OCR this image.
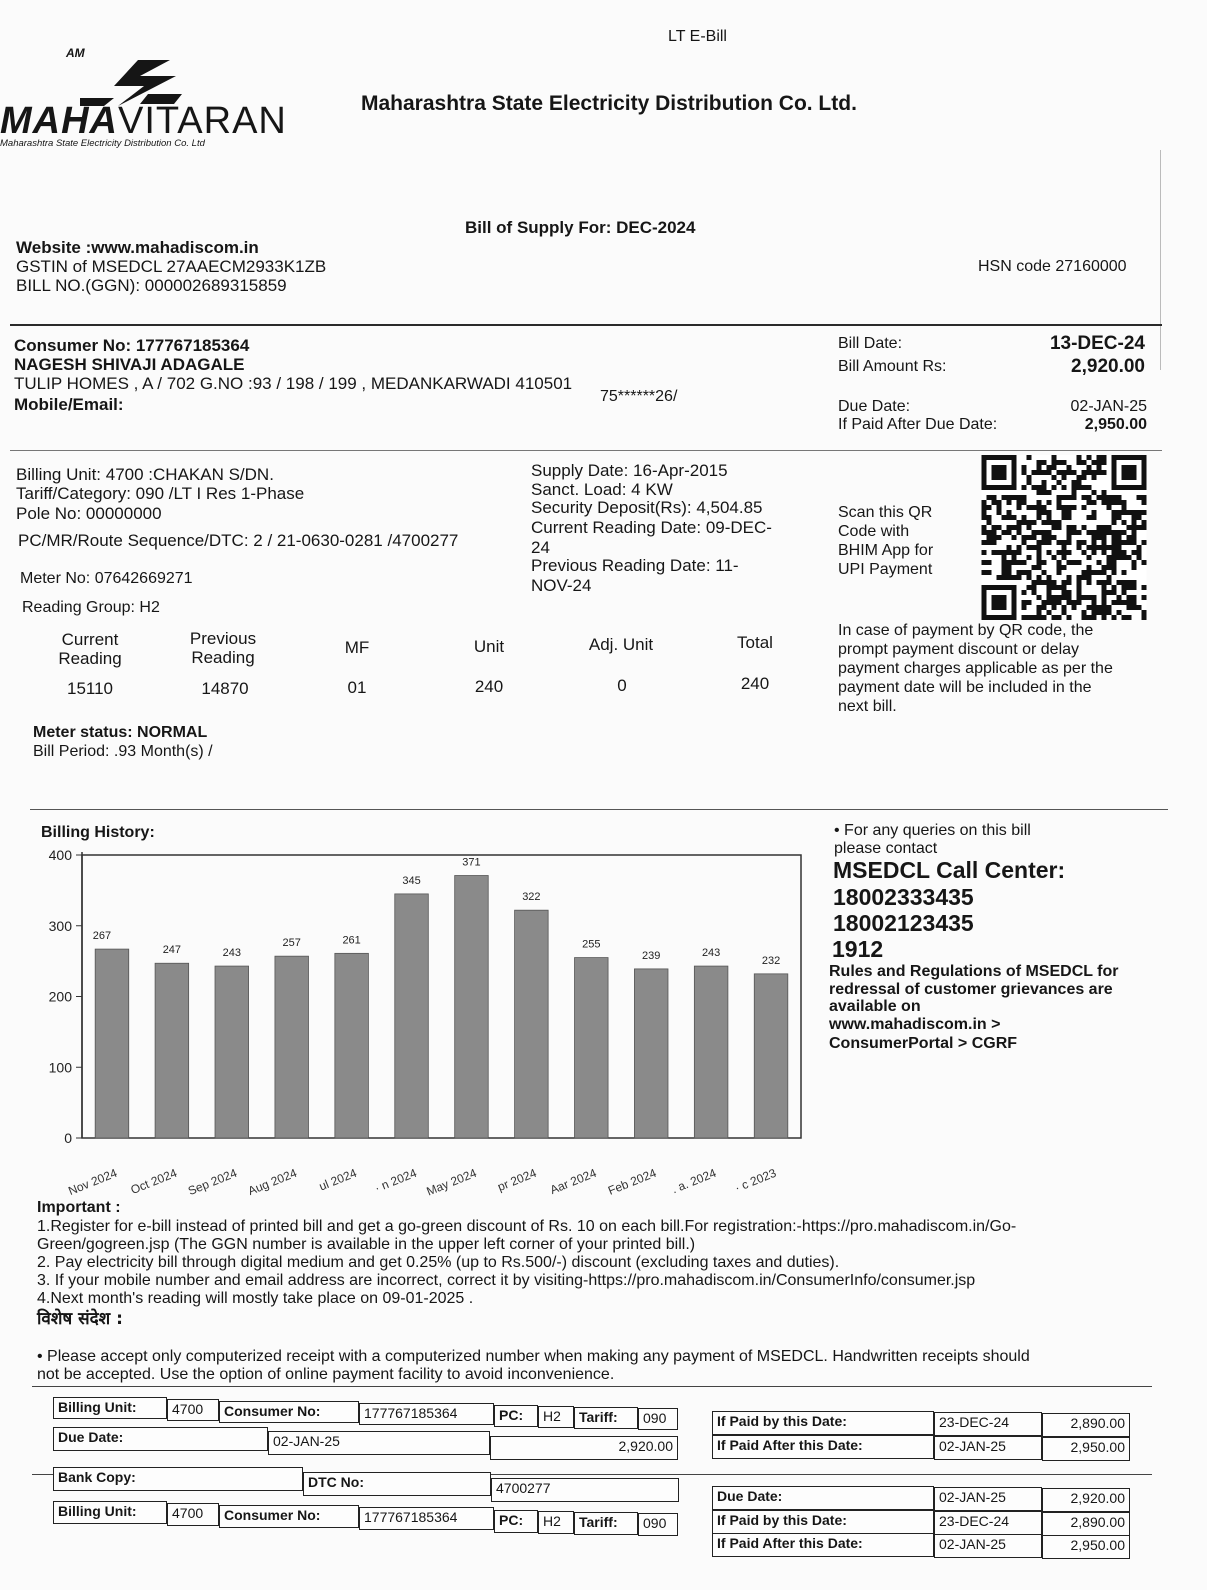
LT E-Bill
AM
MAHAVITARAN
Maharashtra State Electricity Distribution Co. Ltd
Maharashtra State Electricity Distribution Co. Ltd.
Bill of Supply For: DEC-2024
Website :www.mahadiscom.in
GSTIN of MSEDCL 27AAECM2933K1ZB
BILL NO.(GGN): 000002689315859
HSN code 27160000
Consumer No: 177767185364
NAGESH SHIVAJI ADAGALE
TULIP HOMES , A / 702 G.NO :93 / 198 / 199 , MEDANKARWADI 410501
Mobile/Email:	75******26/
Bill Date:	13-DEC-24
Bill Amount Rs:	2,920.00
Due Date:	02-JAN-25
If Paid After Due Date:	2,950.00
Billing Unit: 4700 :CHAKAN S/DN.
Tariff/Category: 090 /LT I Res 1-Phase
Pole No: 00000000
PC/MR/Route Sequence/DTC: 2 / 21-0630-0281 /4700277
Meter No: 07642669271
Reading Group: H2
Supply Date: 16-Apr-2015
Sanct. Load: 4 KW
Security Deposit(Rs): 4,504.85
Current Reading Date: 09-DEC-
24
Previous Reading Date: 11-
NOV-24
Scan this QR
Code with
BHIM App for
UPI Payment
In case of payment by QR code, the
prompt payment discount or delay
payment charges applicable as per the
payment date will be included in the
next bill.
Current
Reading
Previous
Reading
MF	Unit	Adj. Unit	Total
15110	14870	01	240	0	240
Meter status: NORMAL
Bill Period: .93 Month(s) /
Billing History:
0
100
200
300
400
267
Nov 2024
247
Oct 2024
243
Sep 2024
257
Aug 2024
261
ul 2024
345
· n 2024
371
May 2024
322
pr 2024
255
Aar 2024
239
Feb 2024
243
. a. 2024
232
· c 2023
• For any queries on this bill
please contact
MSEDCL Call Center:
18002333435
18002123435
1912
Rules and Regulations of MSEDCL for
redressal of customer grievances are
available on
www.mahadiscom.in >
ConsumerPortal > CGRF
Important :
1.Register for e-bill instead of printed bill and get a go-green discount of Rs. 10 on each bill.For registration:-https://pro.mahadiscom.in/Go-
Green/gogreen.jsp (The GGN number is available in the upper left corner of your printed bill.)
2. Pay electricity bill through digital medium and get 0.25% (up to Rs.500/-) discount (excluding taxes and duties).
3. If your mobile number and email address are incorrect, correct it by visiting-https://pro.mahadiscom.in/ConsumerInfo/consumer.jsp
4.Next month's reading will mostly take place on 09-01-2025 .
विशेष संदेश :
• Please accept only computerized receipt with a computerized number when making any payment of MSEDCL. Handwritten receipts should
not be accepted. Use the option of online payment facility to avoid inconvenience.
Billing Unit:	4700	Consumer No:	177767185364	PC:	H2	Tariff:	090
Due Date:	02-JAN-25	2,920.00
If Paid by this Date:	23-DEC-24	2,890.00
If Paid After this Date:	02-JAN-25	2,950.00
Bank Copy:	DTC No:	4700277
Billing Unit:	4700	Consumer No:	177767185364	PC:	H2	Tariff:	090
Due Date:	02-JAN-25	2,920.00
If Paid by this Date:	23-DEC-24	2,890.00
If Paid After this Date:	02-JAN-25	2,950.00
